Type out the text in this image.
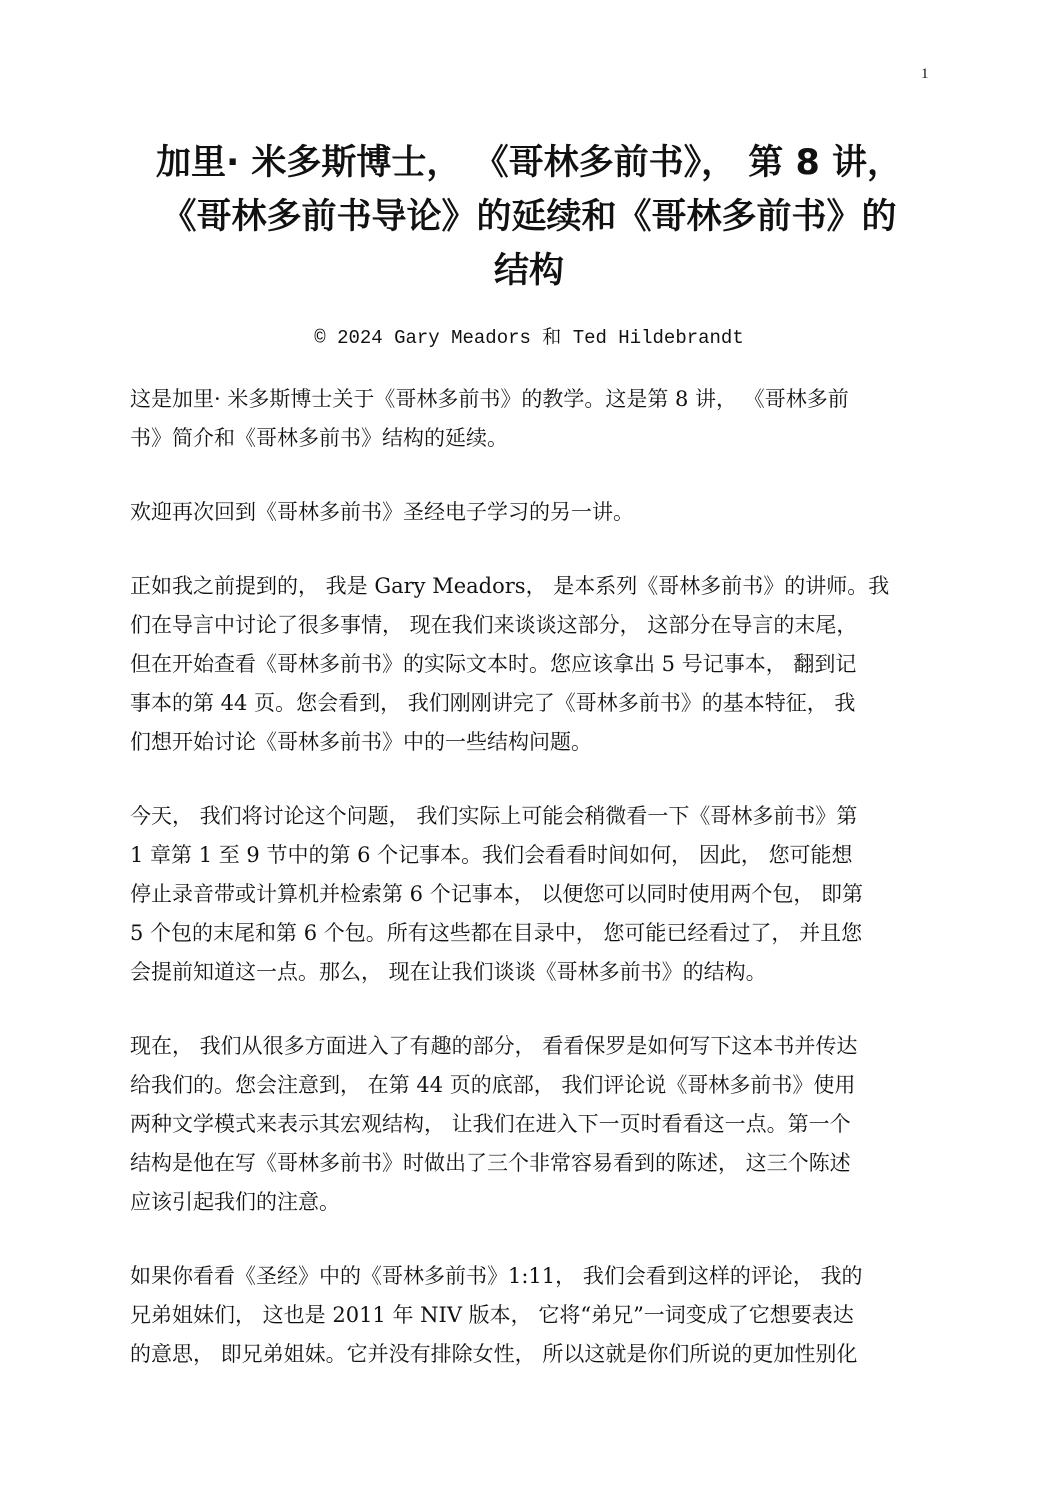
1
加里· 米多斯博士， 《哥林多前书》， 第 8 讲，
《哥林多前书导论》的延续和《哥林多前书》的
结构
© 2024 Gary Meadors 和 Ted Hildebrandt
这是加里· 米多斯博士关于《哥林多前书》的教学。这是第 8 讲， 《哥林多前
书》简介和《哥林多前书》结构的延续。
欢迎再次回到《哥林多前书》圣经电子学习的另一讲。
正如我之前提到的， 我是 Gary Meadors， 是本系列《哥林多前书》的讲师。我
们在导言中讨论了很多事情， 现在我们来谈谈这部分， 这部分在导言的末尾，
但在开始查看《哥林多前书》的实际文本时。您应该拿出 5 号记事本， 翻到记
事本的第 44 页。您会看到， 我们刚刚讲完了《哥林多前书》的基本特征， 我
们想开始讨论《哥林多前书》中的一些结构问题。
今天， 我们将讨论这个问题， 我们实际上可能会稍微看一下《哥林多前书》第
1 章第 1 至 9 节中的第 6 个记事本。我们会看看时间如何， 因此， 您可能想
停止录音带或计算机并检索第 6 个记事本， 以便您可以同时使用两个包， 即第
5 个包的末尾和第 6 个包。所有这些都在目录中， 您可能已经看过了， 并且您
会提前知道这一点。那么， 现在让我们谈谈《哥林多前书》的结构。
现在， 我们从很多方面进入了有趣的部分， 看看保罗是如何写下这本书并传达
给我们的。您会注意到， 在第 44 页的底部， 我们评论说《哥林多前书》使用
两种文学模式来表示其宏观结构， 让我们在进入下一页时看看这一点。第一个
结构是他在写《哥林多前书》时做出了三个非常容易看到的陈述， 这三个陈述
应该引起我们的注意。
如果你看看《圣经》中的《哥林多前书》1:11， 我们会看到这样的评论， 我的
兄弟姐妹们， 这也是 2011 年 NIV 版本， 它将“弟兄”一词变成了它想要表达
的意思， 即兄弟姐妹。它并没有排除女性， 所以这就是你们所说的更加性别化
